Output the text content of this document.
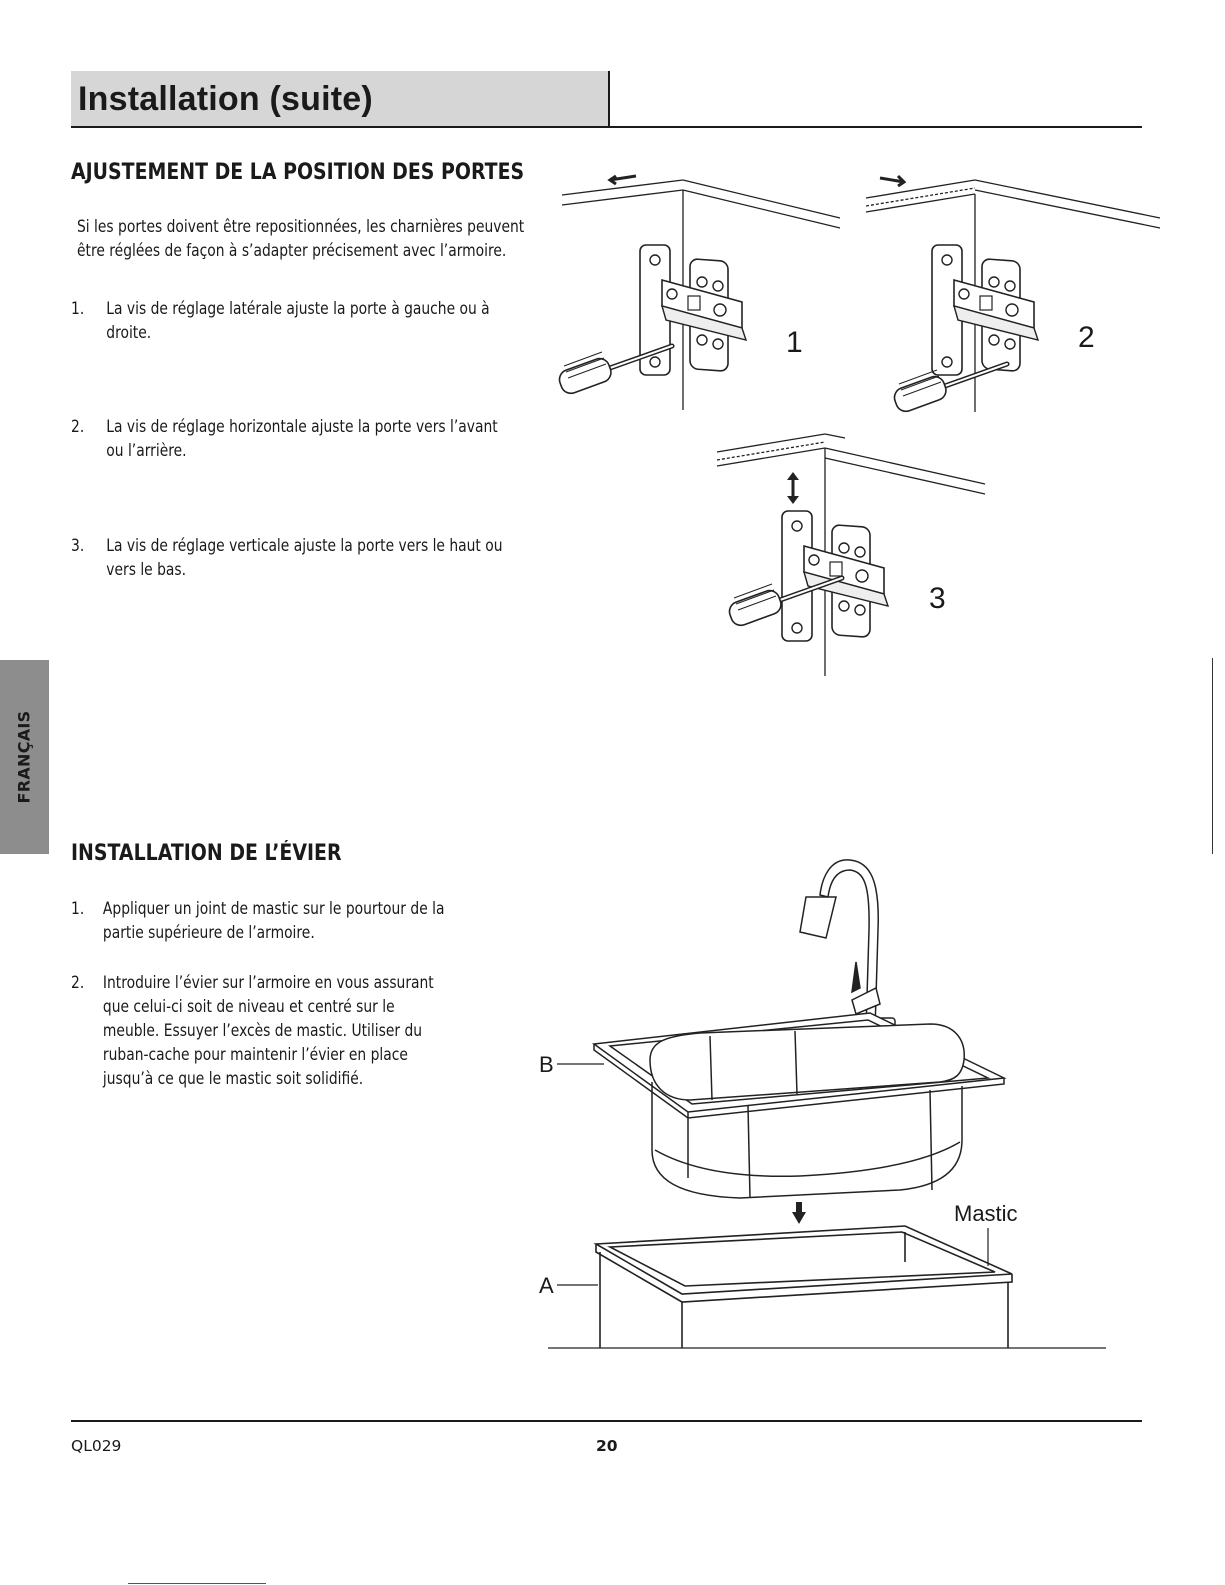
Installation (suite)
AJUSTEMENT DE LA POSITION DES PORTES
Si les portes doivent être repositionnées, les charnières peuvent
être réglées de façon à s’adapter précisement avec l’armoire.
1. La vis de réglage latérale ajuste la porte à gauche ou à
droite.
2. La vis de réglage horizontale ajuste la porte vers l’avant
ou l’arrière.
3. La vis de réglage verticale ajuste la porte vers le haut ou
vers le bas.
1	2
3
FRANÇAIS
INSTALLATION DE L’ÉVIER
1. Appliquer un joint de mastic sur le pourtour de la
partie supérieure de l’armoire.
2. Introduire l’évier sur l’armoire en vous assurant
que celui-ci soit de niveau et centré sur le
meuble. Essuyer l’excès de mastic. Utiliser du
ruban-cache pour maintenir l’évier en place
jusqu’à ce que le mastic soit solidifié.
B
A
Mastic
QL029	20
